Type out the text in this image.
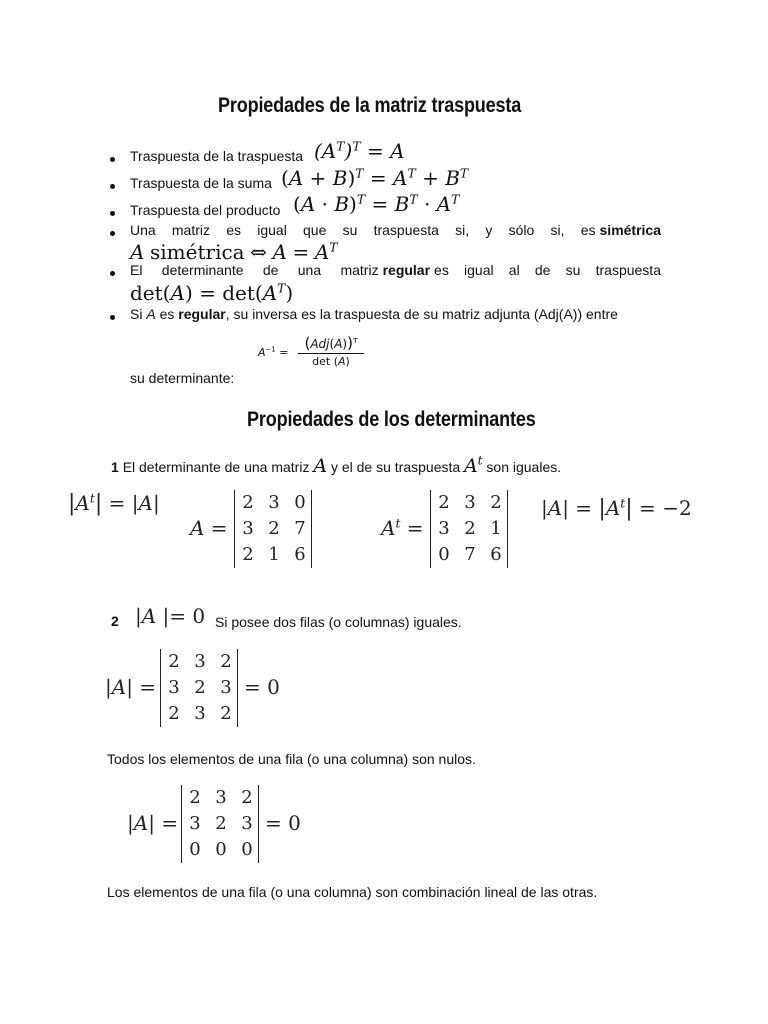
Propiedades de la matriz traspuesta
Traspuesta de la traspuesta $(A^T)^T = A$
Traspuesta de la suma $(A + B)^T = A^T + B^T$
Traspuesta del producto $(A \cdot B)^T = B^T \cdot A^T$
Una matriz es igual que su traspuesta si, y sólo si, es simétrica
A simétrica ⇔ $A = A^T$
El determinante de una matriz regular es igual al de su traspuesta
$\det(A) = \det(A^T)$
Si
A
es
regular , su inversa es la traspuesta de su matriz adjunta (Adj(A)) entre
$A^{-1}$ =
$(Adj(A))^T$
det (A)
su determinante:
Propiedades de los determinantes
1 El determinante de una matriz A y el de su traspuesta $A^t$ son iguales.
$|A^t| = |A|$
A =
2 3 0
3 2 7
2 1 6
$A^t$ =
2 3 2
3 2 1
0 7 6
$|A| = |A^t| = -2$
2 |A |= 0 Si posee dos filas (o columnas) iguales.
|A| =
2 3 2
3 2 3
2 3 2
= 0
Todos los elementos de una fila (o una columna) son nulos.
|A| =
2 3 2
3 2 3
0 0 0
= 0
Los elementos de una fila (o una columna) son combinación lineal de las otras.
